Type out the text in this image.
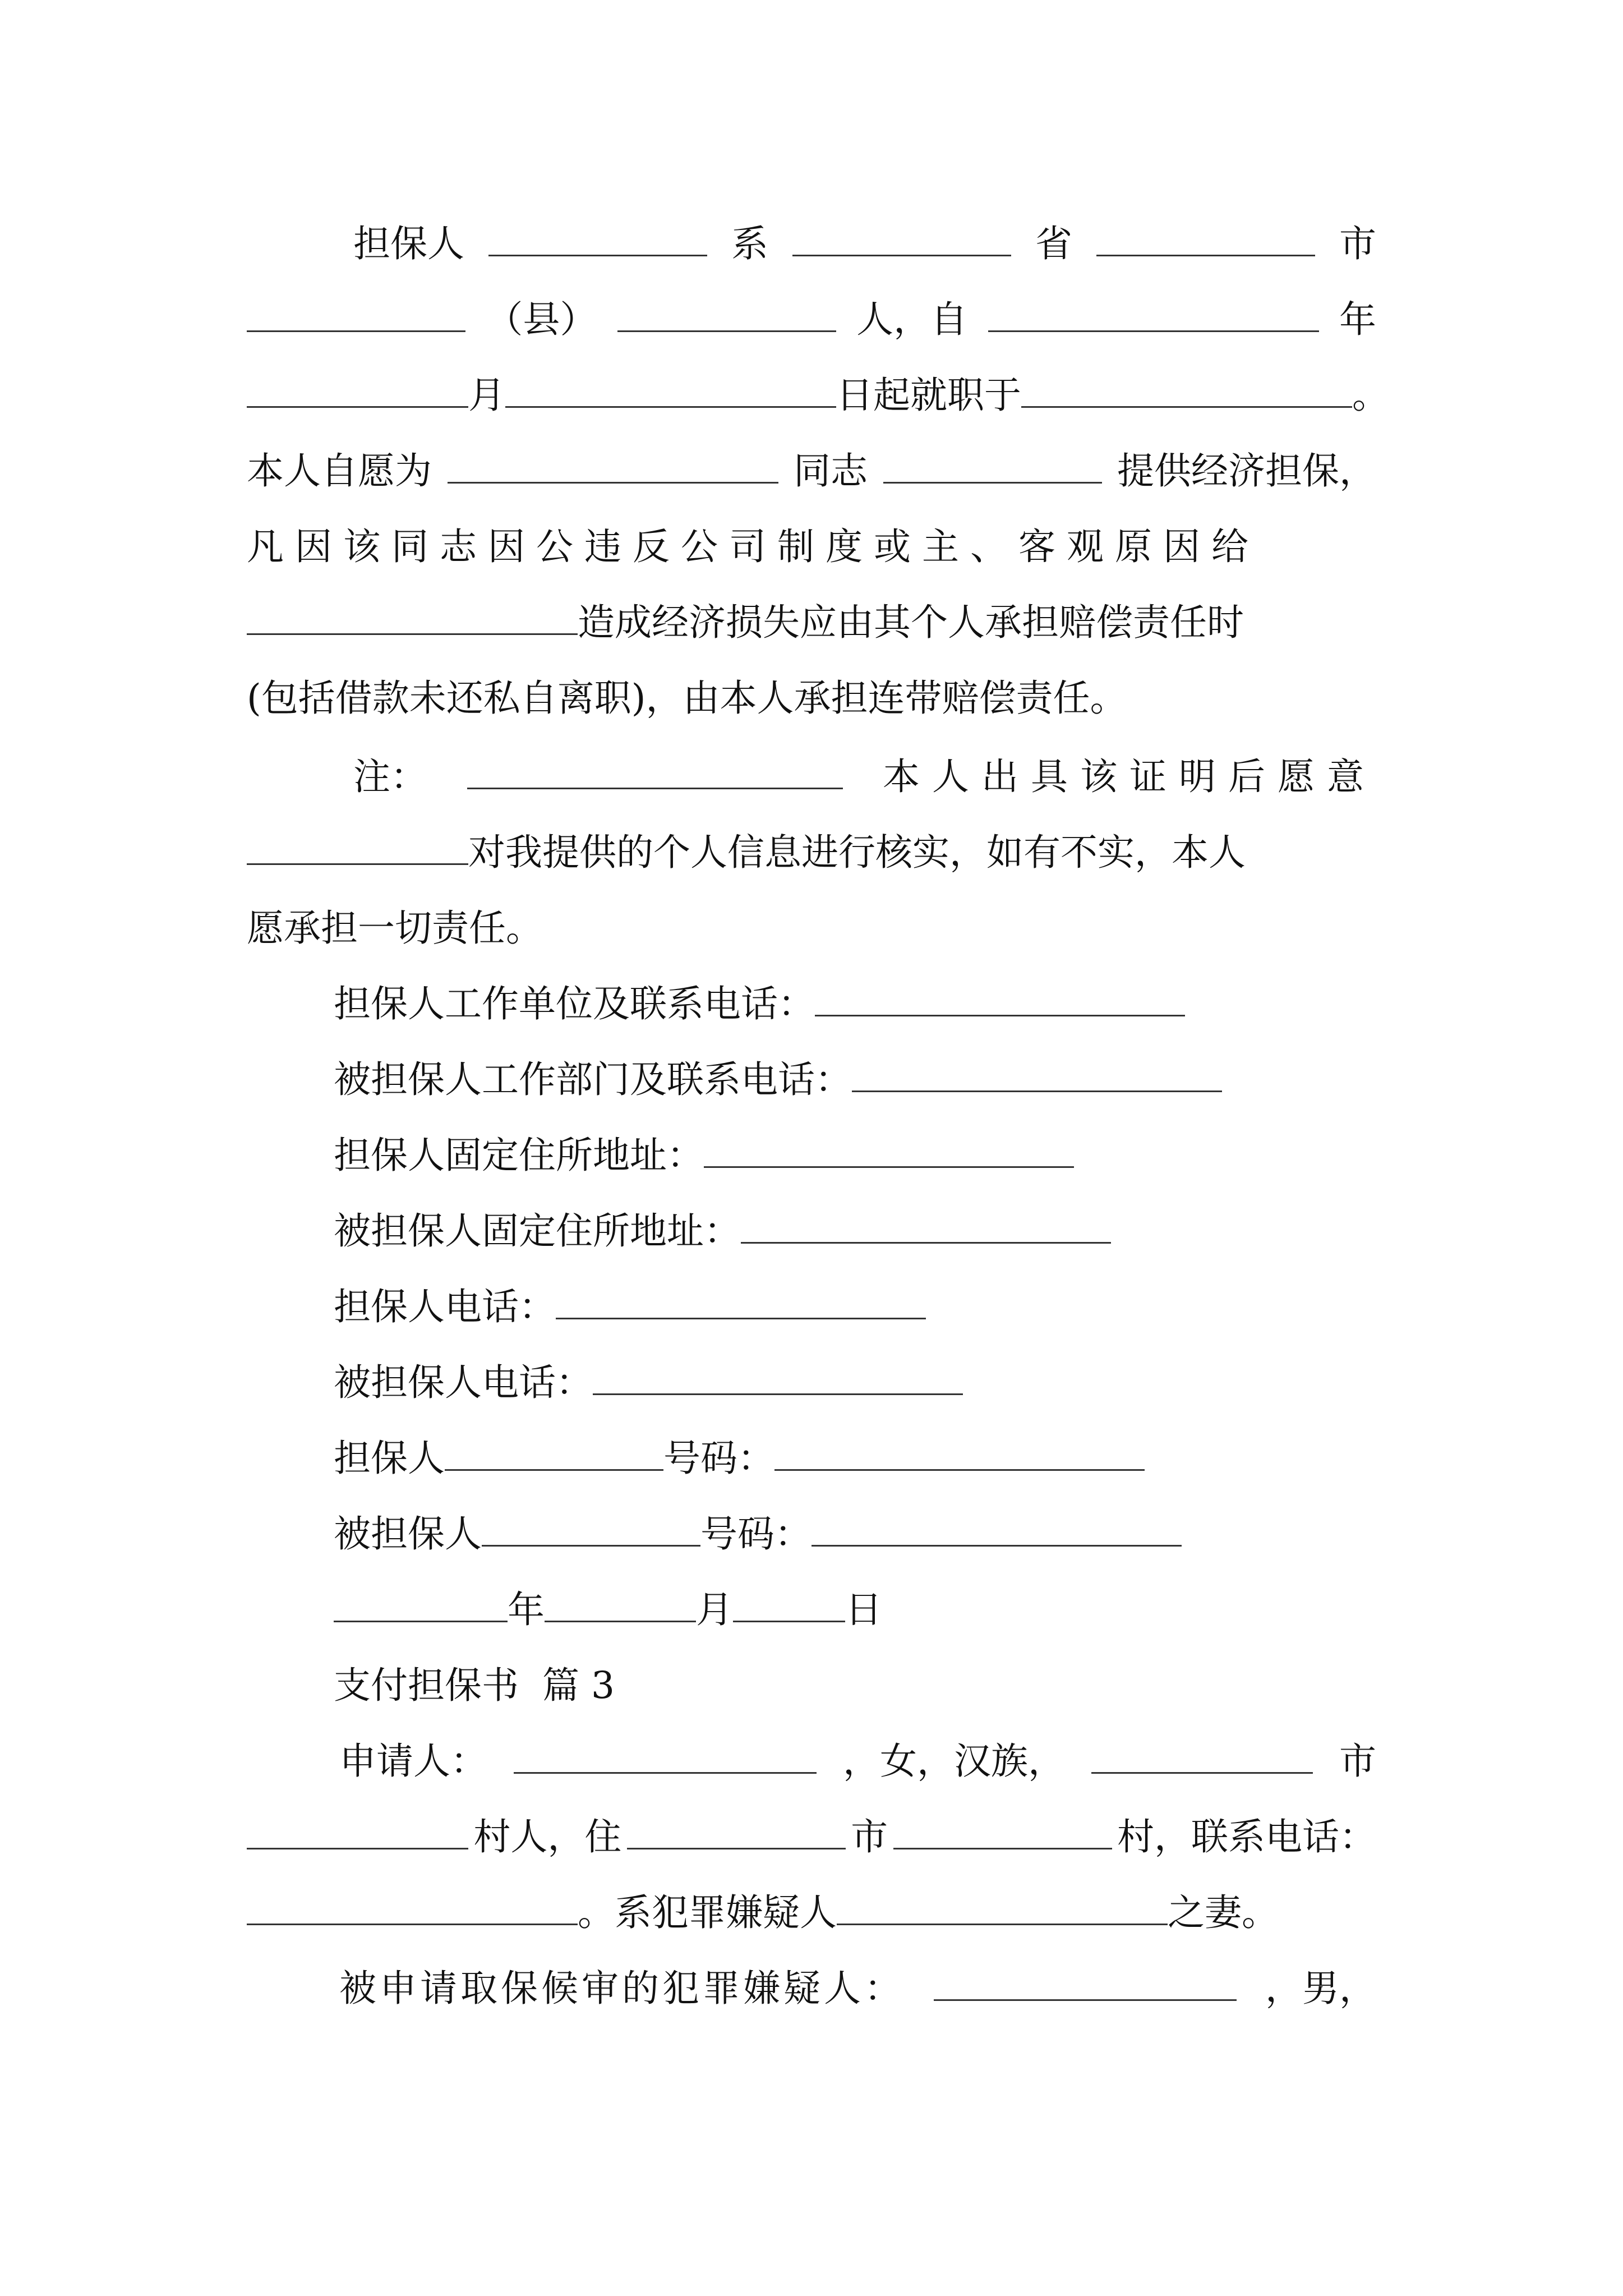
担保人	系	省	市
（县）	人，自	年
月	日起就职于	。
本人自愿为	同志	提供经济担保，
凡因该同志因公违反公司制度或主、客观原因给
造成经济损失应由其个人承担赔偿责任时
(包括借款未还私自离职)，由本人承担连带赔偿责任。
注：	本人出具该证明后愿意
对我提供的个人信息进行核实，如有不实，本人
愿承担一切责任。
担保人工作单位及联系电话：
被担保人工作部门及联系电话：
担保人固定住所地址：
被担保人固定住所地址：
担保人电话：
被担保人电话：
担保人	号码：
被担保人	号码：
年	月	日
支付担保书  篇 3
申请人：	，女，汉族，	市
村人，住	市	村，联系电话：
。系犯罪嫌疑人	之妻。
被申请取保候审的犯罪嫌疑人：	，男，
